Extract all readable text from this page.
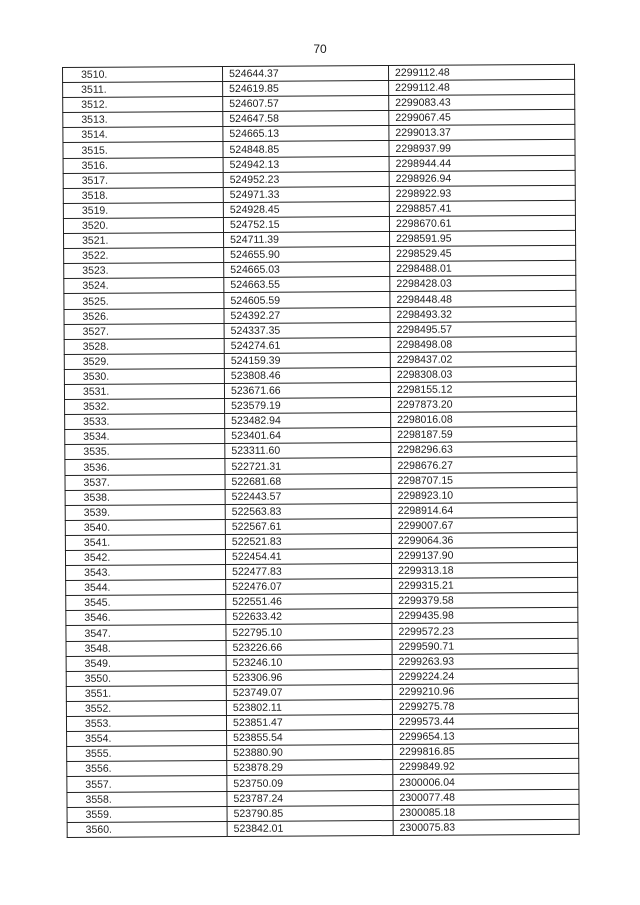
70
3510.	524644.37	2299112.48
3511.	524619.85	2299112.48
3512.	524607.57	2299083.43
3513.	524647.58	2299067.45
3514.	524665.13	2299013.37
3515.	524848.85	2298937.99
3516.	524942.13	2298944.44
3517.	524952.23	2298926.94
3518.	524971.33	2298922.93
3519.	524928.45	2298857.41
3520.	524752.15	2298670.61
3521.	524711.39	2298591.95
3522.	524655.90	2298529.45
3523.	524665.03	2298488.01
3524.	524663.55	2298428.03
3525.	524605.59	2298448.48
3526.	524392.27	2298493.32
3527.	524337.35	2298495.57
3528.	524274.61	2298498.08
3529.	524159.39	2298437.02
3530.	523808.46	2298308.03
3531.	523671.66	2298155.12
3532.	523579.19	2297873.20
3533.	523482.94	2298016.08
3534.	523401.64	2298187.59
3535.	523311.60	2298296.63
3536.	522721.31	2298676.27
3537.	522681.68	2298707.15
3538.	522443.57	2298923.10
3539.	522563.83	2298914.64
3540.	522567.61	2299007.67
3541.	522521.83	2299064.36
3542.	522454.41	2299137.90
3543.	522477.83	2299313.18
3544.	522476.07	2299315.21
3545.	522551.46	2299379.58
3546.	522633.42	2299435.98
3547.	522795.10	2299572.23
3548.	523226.66	2299590.71
3549.	523246.10	2299263.93
3550.	523306.96	2299224.24
3551.	523749.07	2299210.96
3552.	523802.11	2299275.78
3553.	523851.47	2299573.44
3554.	523855.54	2299654.13
3555.	523880.90	2299816.85
3556.	523878.29	2299849.92
3557.	523750.09	2300006.04
3558.	523787.24	2300077.48
3559.	523790.85	2300085.18
3560.	523842.01	2300075.83
